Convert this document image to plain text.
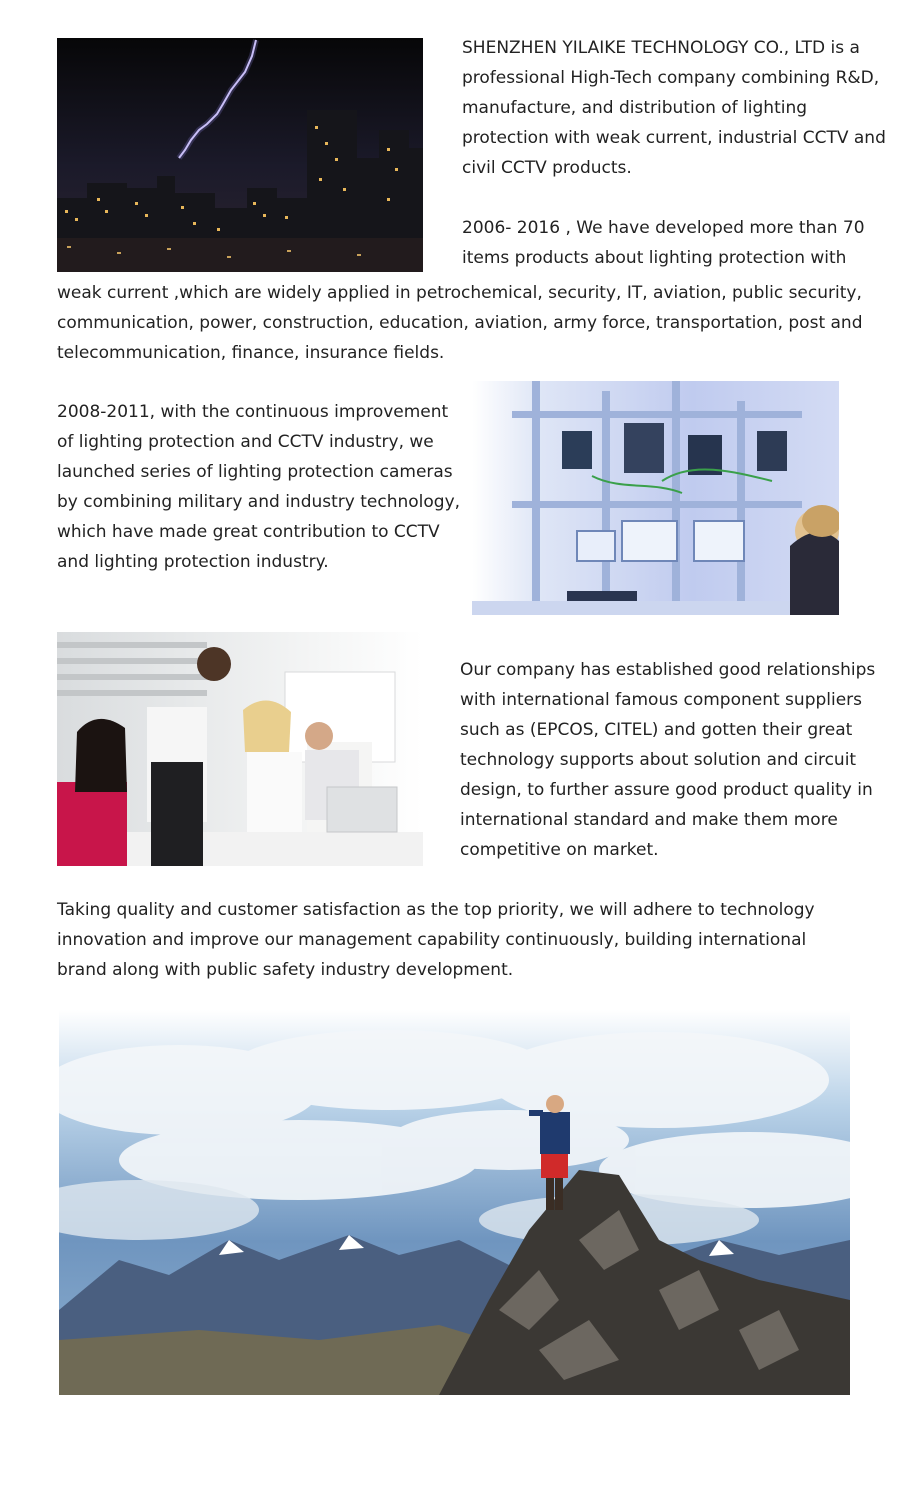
SHENZHEN YILAIKE TECHNOLOGY CO., LTD is a
professional High-Tech company combining R&D,
manufacture, and distribution of lighting
protection with weak current, industrial CCTV and
civil CCTV products.
2006- 2016 , We have developed more than 70
items products about lighting protection with
weak current ,which are widely applied in petrochemical, security, IT, aviation, public security,
communication, power, construction, education, aviation, army force, transportation, post and
telecommunication, finance, insurance fields.
2008-2011, with the continuous improvement
of lighting protection and CCTV industry, we
launched series of lighting protection cameras
by combining military and industry technology,
which have made great contribution to CCTV
and lighting protection industry.
Our company has established good relationships
with international famous component suppliers
such as (EPCOS, CITEL) and gotten their great
technology supports about solution and circuit
design, to further assure good product quality in
international standard and make them more
competitive on market.
Taking quality and customer satisfaction as the top priority, we will adhere to technology
innovation and improve our management capability continuously, building international
brand along with public safety industry development.
